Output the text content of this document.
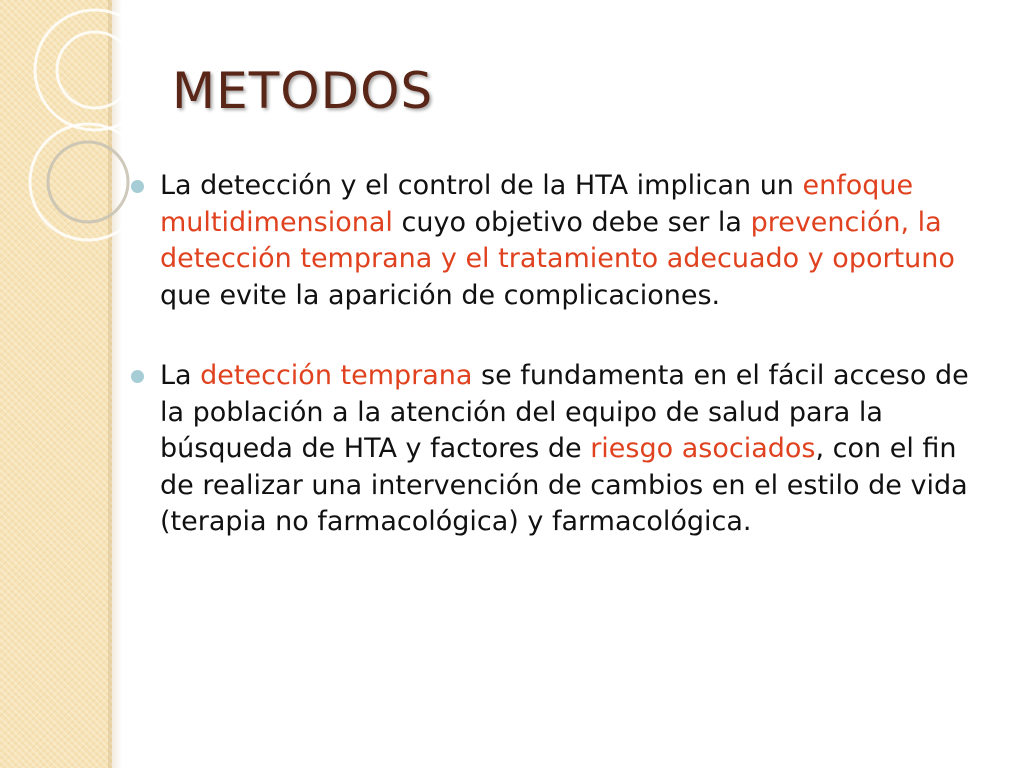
METODOS
La detección y el control de la HTA implican un enfoque multidimensional cuyo objetivo debe ser la prevención, la detección temprana y el tratamiento adecuado y oportuno que evite la aparición de complicaciones.
La detección temprana se fundamenta en el fácil acceso de la población a la atención del equipo de salud para la búsqueda de HTA y factores de riesgo asociados, con el fin de realizar una intervención de cambios en el estilo de vida (terapia no farmacológica) y farmacológica.
